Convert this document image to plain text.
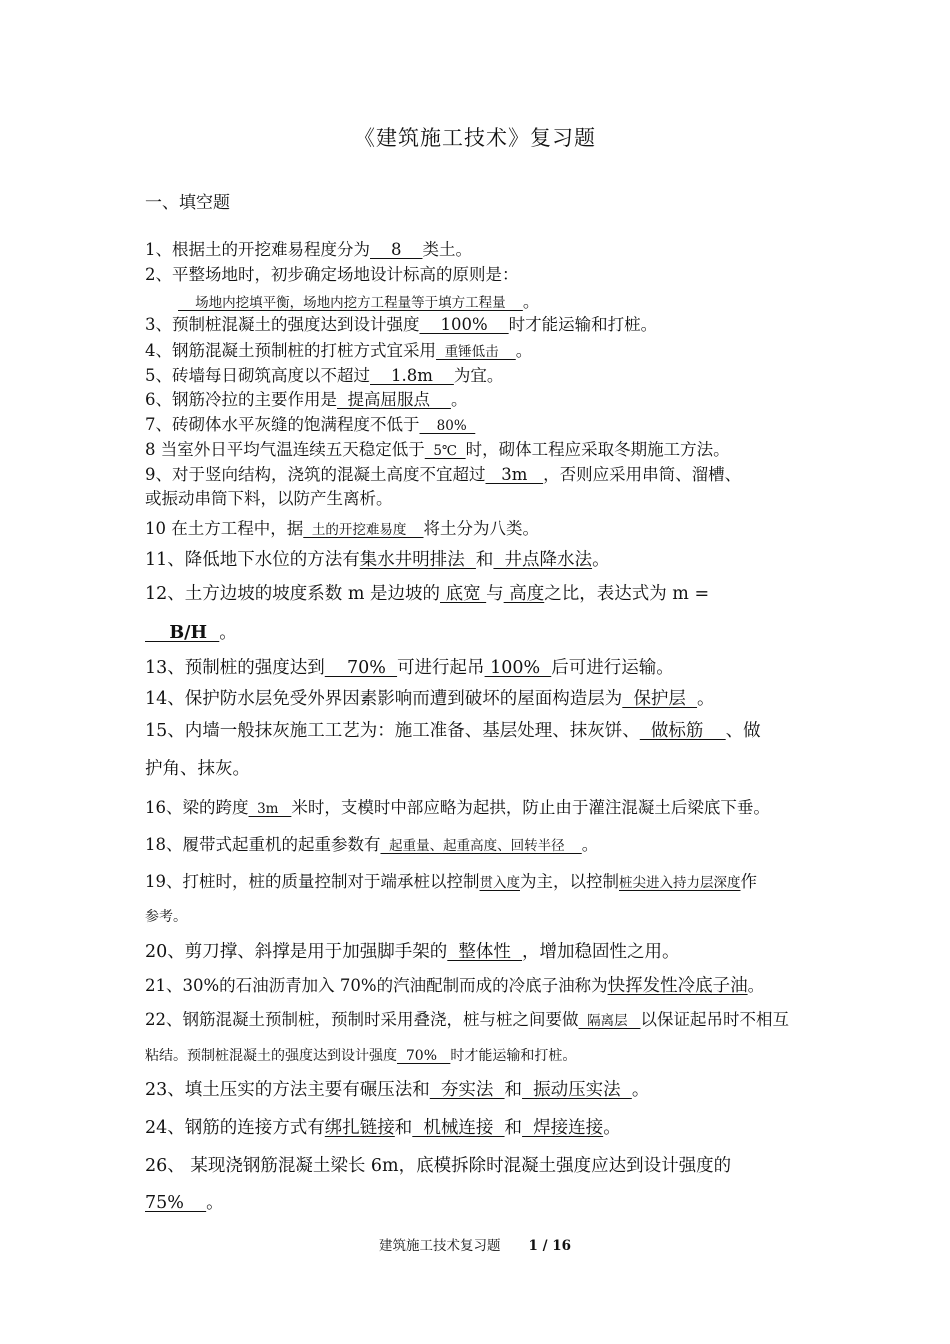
《建筑施工技术》复习题
一、填空题
1、根据土的开挖难易程度分为    8    类土。
2、平整场地时，初步确定场地设计标高的原则是：
场地内挖填平衡，场地内挖方工程量等于填方工程量    。
3、预制桩混凝土的强度达到设计强度    100%    时才能运输和打桩。
4、钢筋混凝土预制桩的打桩方式宜采用  重锤低击    。
5、砖墙每日砌筑高度以不超过    1.8m    为宜。
6、钢筋冷拉的主要作用是  提高屈服点    。
7、砖砌体水平灰缝的饱满程度不低于    80%
8 当室外日平均气温连续五天稳定低于  5℃  时，砌体工程应采取冬期施工方法。
9、对于竖向结构，浇筑的混凝土高度不宜超过   3m   ，否则应采用串筒、溜槽、
或振动串筒下料，以防产生离析。
10 在土方工程中，据  土的开挖难易度    将土分为八类。
11、降低地下水位的方法有集水井明排法  和  井点降水法。
12、土方边坡的坡度系数 m 是边坡的 底宽 与 高度之比，表达式为 m =
B/H  。
13、预制桩的强度达到    70%  可进行起吊 100%  后可进行运输。
14、保护防水层免受外界因素影响而遭到破坏的屋面构造层为  保护层  。
15、内墙一般抹灰施工工艺为：施工准备、基层处理、抹灰饼、  做标筋    、做
护角、抹灰。
16、梁的跨度  3m   米时，支模时中部应略为起拱，防止由于灌注混凝土后梁底下垂。
18、履带式起重机的起重参数有  起重量、起重高度、回转半径    。
19、打桩时，桩的质量控制对于端承桩以控制贯入度为主，以控制桩尖进入持力层深度作
参考。
20、剪刀撑、斜撑是用于加强脚手架的  整体性  ，增加稳固性之用。
21、30%的石油沥青加入 70%的汽油配制而成的冷底子油称为快挥发性冷底子油。
22、钢筋混凝土预制桩，预制时采用叠浇，桩与桩之间要做  隔离层   以保证起吊时不相互
粘结。预制桩混凝土的强度达到设计强度  70%   时才能运输和打桩。
23、填土压实的方法主要有碾压法和  夯实法  和  振动压实法  。
24、钢筋的连接方式有绑扎链接和  机械连接  和  焊接连接。
26、 某现浇钢筋混凝土梁长 6m，底模拆除时混凝土强度应达到设计强度的
75%    。
建筑施工技术复习题 1 / 16
